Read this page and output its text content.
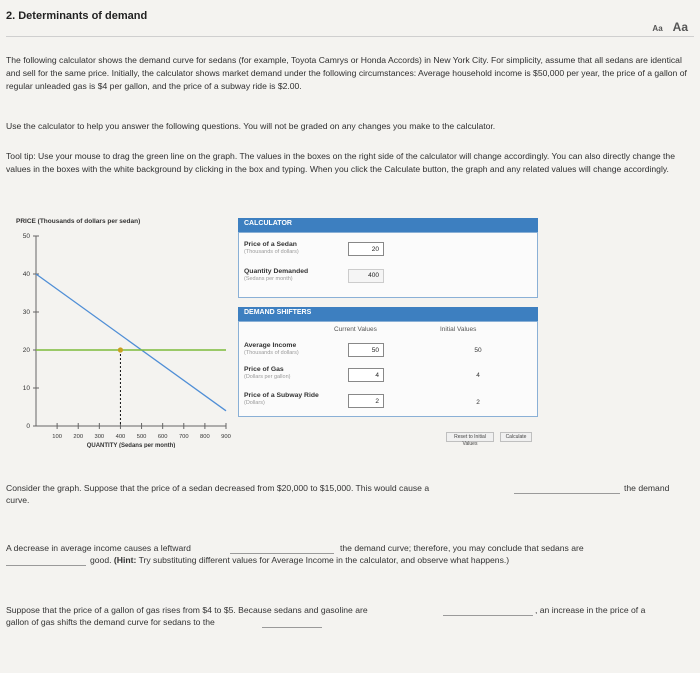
2. Determinants of demand
Aa Aa
The following calculator shows the demand curve for sedans (for example, Toyota Camrys or Honda Accords) in New York City. For simplicity, assume that all sedans are identical and sell for the same price. Initially, the calculator shows market demand under the following circumstances: Average household income is $50,000 per year, the price of a gallon of regular unleaded gas is $4 per gallon, and the price of a subway ride is $2.00.
Use the calculator to help you answer the following questions. You will not be graded on any changes you make to the calculator.
Tool tip: Use your mouse to drag the green line on the graph. The values in the boxes on the right side of the calculator will change accordingly. You can also directly change the values in the boxes with the white background by clicking in the box and typing. When you click the Calculate button, the graph and any related values will change accordingly.
PRICE (Thousands of dollars per sedan)
0
10
20
30
40
50
100 200 300 400 500 600 700 800 900
QUANTITY (Sedans per month)
CALCULATOR
Price of a Sedan
(Thousands of dollars)
20
Quantity Demanded
(Sedans per month)	400
DEMAND SHIFTERS
Current Values	Initial Values
Average Income
(Thousands of dollars)
50	50
Price of Gas
(Dollars per gallon)
4	4
Price of a Subway Ride
(Dollars)
2	2
Reset to Initial Values
Calculate
Consider the graph. Suppose that the price of a sedan decreased from $20,000 to $15,000. This would cause a	the demand
curve.
A decrease in average income causes a leftward	the demand curve; therefore, you may conclude that sedans are
good. (Hint: Try substituting different values for Average Income in the calculator, and observe what happens.)
Suppose that the price of a gallon of gas rises from $4 to $5. Because sedans and gasoline are	, an increase in the price of a
gallon of gas shifts the demand curve for sedans to the
